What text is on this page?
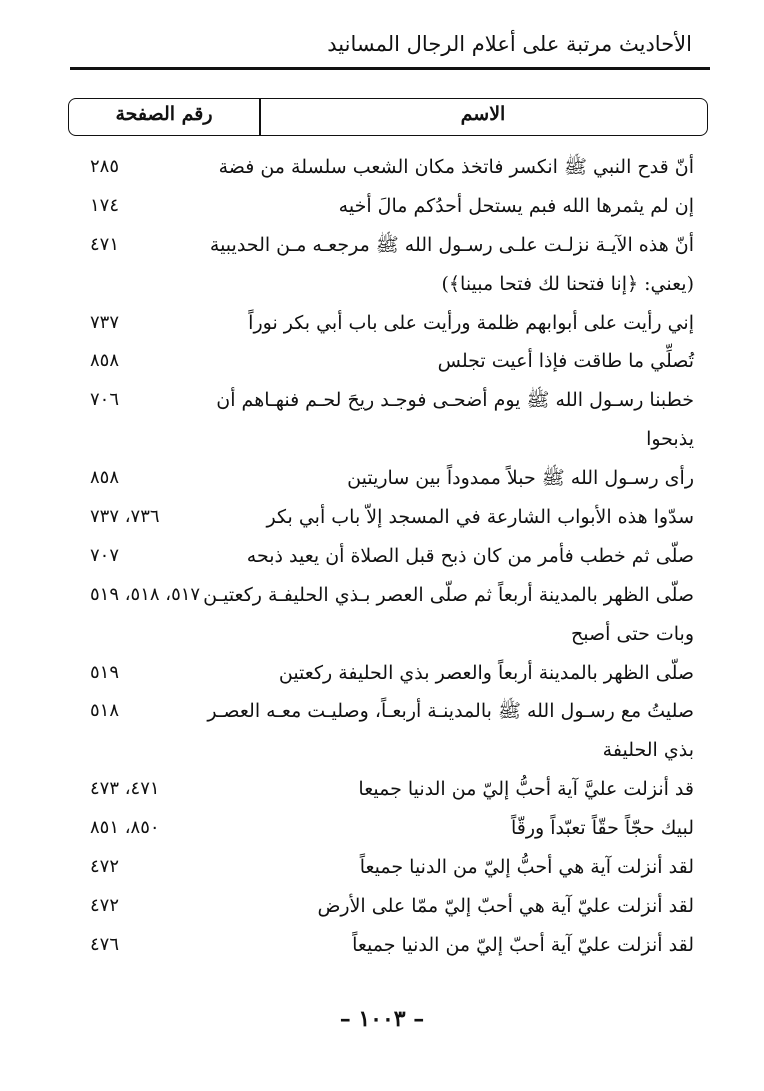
الأحاديث مرتبة على أعلام الرجال المسانيد
رقم الصفحة	الاسم
أنّ قدح النبي ﷺ انكسر فاتخذ مكان الشعب سلسلة من فضة
٢٨٥
إن لم يثمرها الله فبم يستحل أحدُكم مالَ أخيه
١٧٤
أنّ هذه الآيـة نزلـت علـى رسـول الله ﷺ مرجعـه مـن الحديبية
٤٧١
(يعني: ﴿إنا فتحنا لك فتحا مبينا﴾)
إني رأيت على أبوابهم ظلمة ورأيت على باب أبي بكر نوراً
٧٣٧
تُصلِّي ما طاقت فإذا أعيت تجلس
٨٥٨
خطبنا رسـول الله ﷺ يوم أضحـى فوجـد ريحَ لحـم فنهـاهم أن
٧٠٦
يذبحوا
رأى رسـول الله ﷺ حبلاً ممدوداً بين ساريتين
٨٥٨
سدّوا هذه الأبواب الشارعة في المسجد إلاّ باب أبي بكر
٧٣٦، ٧٣٧
صلّى ثم خطب فأمر من كان ذبح قبل الصلاة أن يعيد ذبحه
٧٠٧
صلّى الظهر بالمدينة أربعاً ثم صلّى العصر بـذي الحليفـة ركعتيـن
٥١٧، ٥١٨، ٥١٩
وبات حتى أصبح
صلّى الظهر بالمدينة أربعاً والعصر بذي الحليفة ركعتين
٥١٩
صليتُ مع رسـول الله ﷺ بالمدينـة أربعـاً، وصليـت معـه العصـر
٥١٨
بذي الحليفة
قد أنزلت عليَّ آية أحبُّ إليّ من الدنيا جميعا
٤٧١، ٤٧٣
لبيك حجّاً حقّاً تعبّداً ورقّاً
٨٥٠، ٨٥١
لقد أنزلت آية هي أحبُّ إليّ من الدنيا جميعاً
٤٧٢
لقد أنزلت عليّ آية هي أحبّ إليّ ممّا على الأرض
٤٧٢
لقد أنزلت عليّ آية أحبّ إليّ من الدنيا جميعاً
٤٧٦
– ١٠٠٣ –
